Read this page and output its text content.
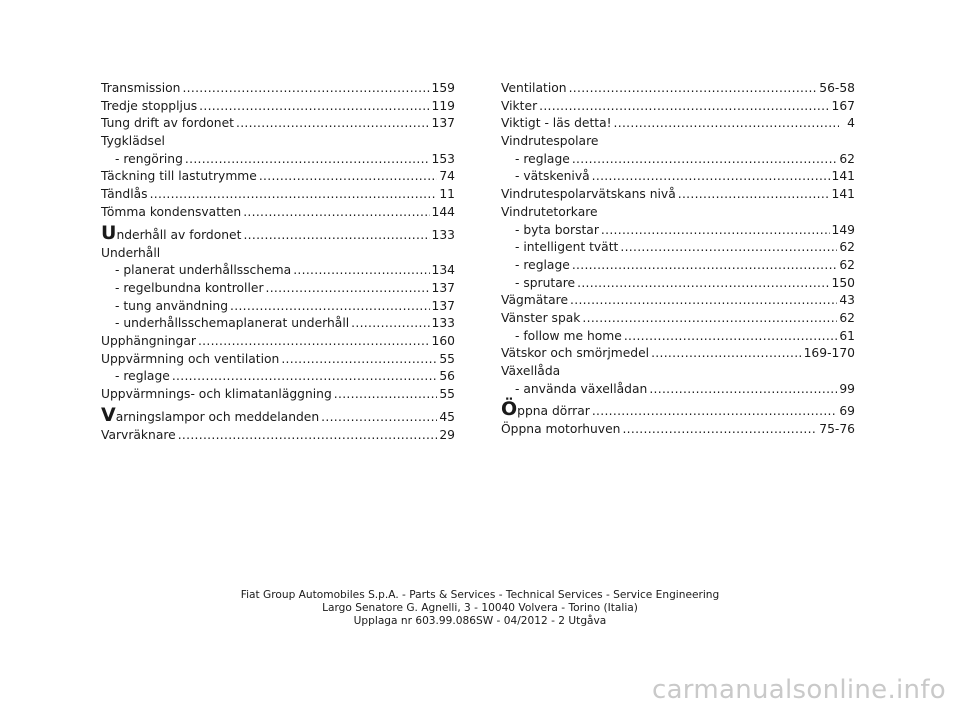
Transmission .....	159
Tredje stoppljus .....	119
Tung drift av fordonet .....	137
Tygklädsel
- rengöring .....	153
Täckning till lastutrymme .....	74
Tändlås .....	11
Tömma kondensvatten .....	144
Underhåll av fordonet .....	133
Underhåll
- planerat underhållsschema .....	134
- regelbundna kontroller .....	137
- tung användning .....	137
- underhållsschemaplanerat underhåll .....	133
Upphängningar .....	160
Uppvärmning och ventilation .....	55
- reglage .....	56
Uppvärmnings- och klimatanläggning .....	55
Varningslampor och meddelanden .....	45
Varvräknare .....	29
Ventilation .....	56-58
Vikter .....	167
Viktigt - läs detta! .....	4
Vindrutespolare
- reglage .....	62
- vätskenivå .....	141
Vindrutespolarvätskans nivå .....	141
Vindrutetorkare
- byta borstar .....	149
- intelligent tvätt .....	62
- reglage .....	62
- sprutare .....	150
Vägmätare .....	43
Vänster spak .....	62
- follow me home .....	61
Vätskor och smörjmedel .....	169-170
Växellåda
- använda växellådan .....	99
Öppna dörrar .....	69
Öppna motorhuven .....	75-76
Fiat Group Automobiles S.p.A. - Parts & Services - Technical Services - Service Engineering
Largo Senatore G. Agnelli, 3 - 10040 Volvera - Torino (Italia)
Upplaga nr 603.99.086SW - 04/2012 - 2 Utgåva
carmanualsonline.info
